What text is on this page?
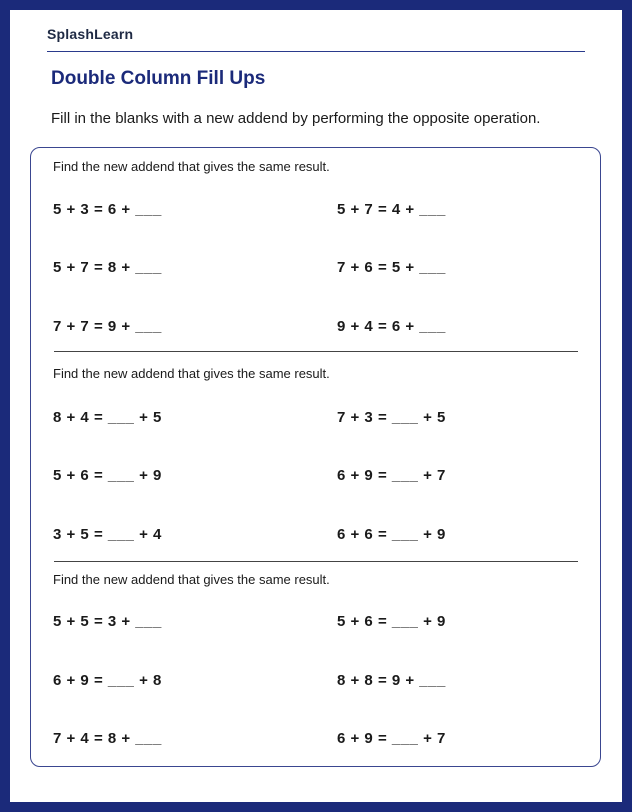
SplashLearn
Double Column Fill Ups
Fill in the blanks with a new addend by performing the opposite operation.
Find the new addend that gives the same result.
5 + 3 = 6 + ___	5 + 7 = 4 + ___
5 + 7 = 8 + ___	7 + 6 = 5 + ___
7 + 7 = 9 + ___	9 + 4 = 6 + ___
Find the new addend that gives the same result.
8 + 4 = ___ + 5	7 + 3 = ___ + 5
5 + 6 = ___ + 9	6 + 9 = ___ + 7
3 + 5 = ___ + 4	6 + 6 = ___ + 9
Find the new addend that gives the same result.
5 + 5 = 3 + ___	5 + 6 = ___ + 9
6 + 9 = ___ + 8	8 + 8 = 9 + ___
7 + 4 = 8 + ___	6 + 9 = ___ + 7
